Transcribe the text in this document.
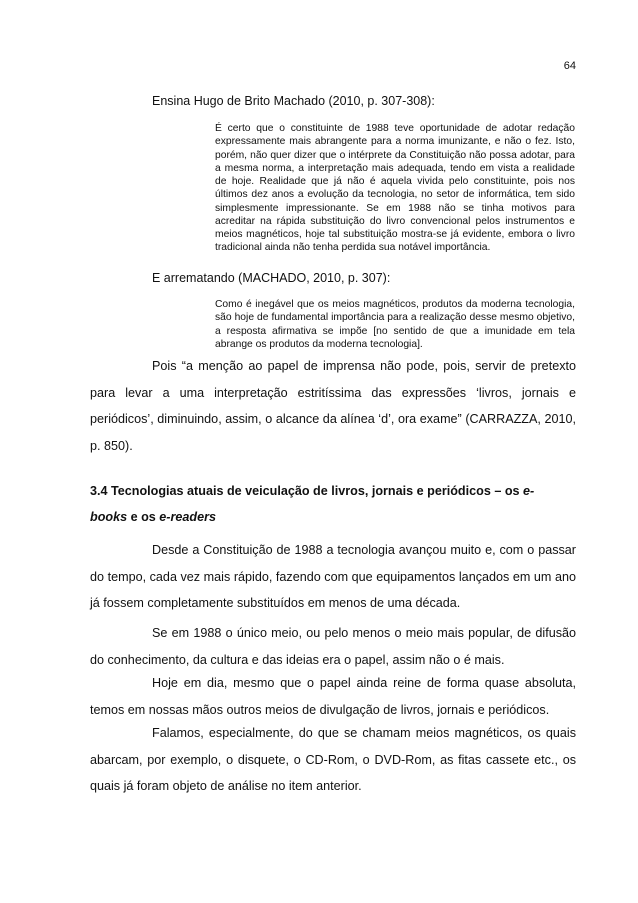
64
Ensina Hugo de Brito Machado (2010, p. 307-308):
É certo que o constituinte de 1988 teve oportunidade de adotar redação expressamente mais abrangente para a norma imunizante, e não o fez. Isto, porém, não quer dizer que o intérprete da Constituição não possa adotar, para a mesma norma, a interpretação mais adequada, tendo em vista a realidade de hoje. Realidade que já não é aquela vivida pelo constituinte, pois nos últimos dez anos a evolução da tecnologia, no setor de informática, tem sido simplesmente impressionante. Se em 1988 não se tinha motivos para acreditar na rápida substituição do livro convencional pelos instrumentos e meios magnéticos, hoje tal substituição mostra-se já evidente, embora o livro tradicional ainda não tenha perdida sua notável importância.
E arrematando (MACHADO, 2010, p. 307):
Como é inegável que os meios magnéticos, produtos da moderna tecnologia, são hoje de fundamental importância para a realização desse mesmo objetivo, a resposta afirmativa se impõe [no sentido de que a imunidade em tela abrange os produtos da moderna tecnologia].
Pois “a menção ao papel de imprensa não pode, pois, servir de pretexto para levar a uma interpretação estritíssima das expressões ‘livros, jornais e periódicos’, diminuindo, assim, o alcance da alínea ‘d’, ora exame” (CARRAZZA, 2010, p. 850).
3.4 Tecnologias atuais de veiculação de livros, jornais e periódicos – os e-books e os e-readers
Desde a Constituição de 1988 a tecnologia avançou muito e, com o passar do tempo, cada vez mais rápido, fazendo com que equipamentos lançados em um ano já fossem completamente substituídos em menos de uma década.
Se em 1988 o único meio, ou pelo menos o meio mais popular, de difusão do conhecimento, da cultura e das ideias era o papel, assim não o é mais.
Hoje em dia, mesmo que o papel ainda reine de forma quase absoluta, temos em nossas mãos outros meios de divulgação de livros, jornais e periódicos.
Falamos, especialmente, do que se chamam meios magnéticos, os quais abarcam, por exemplo, o disquete, o CD-Rom, o DVD-Rom, as fitas cassete etc., os quais já foram objeto de análise no item anterior.
